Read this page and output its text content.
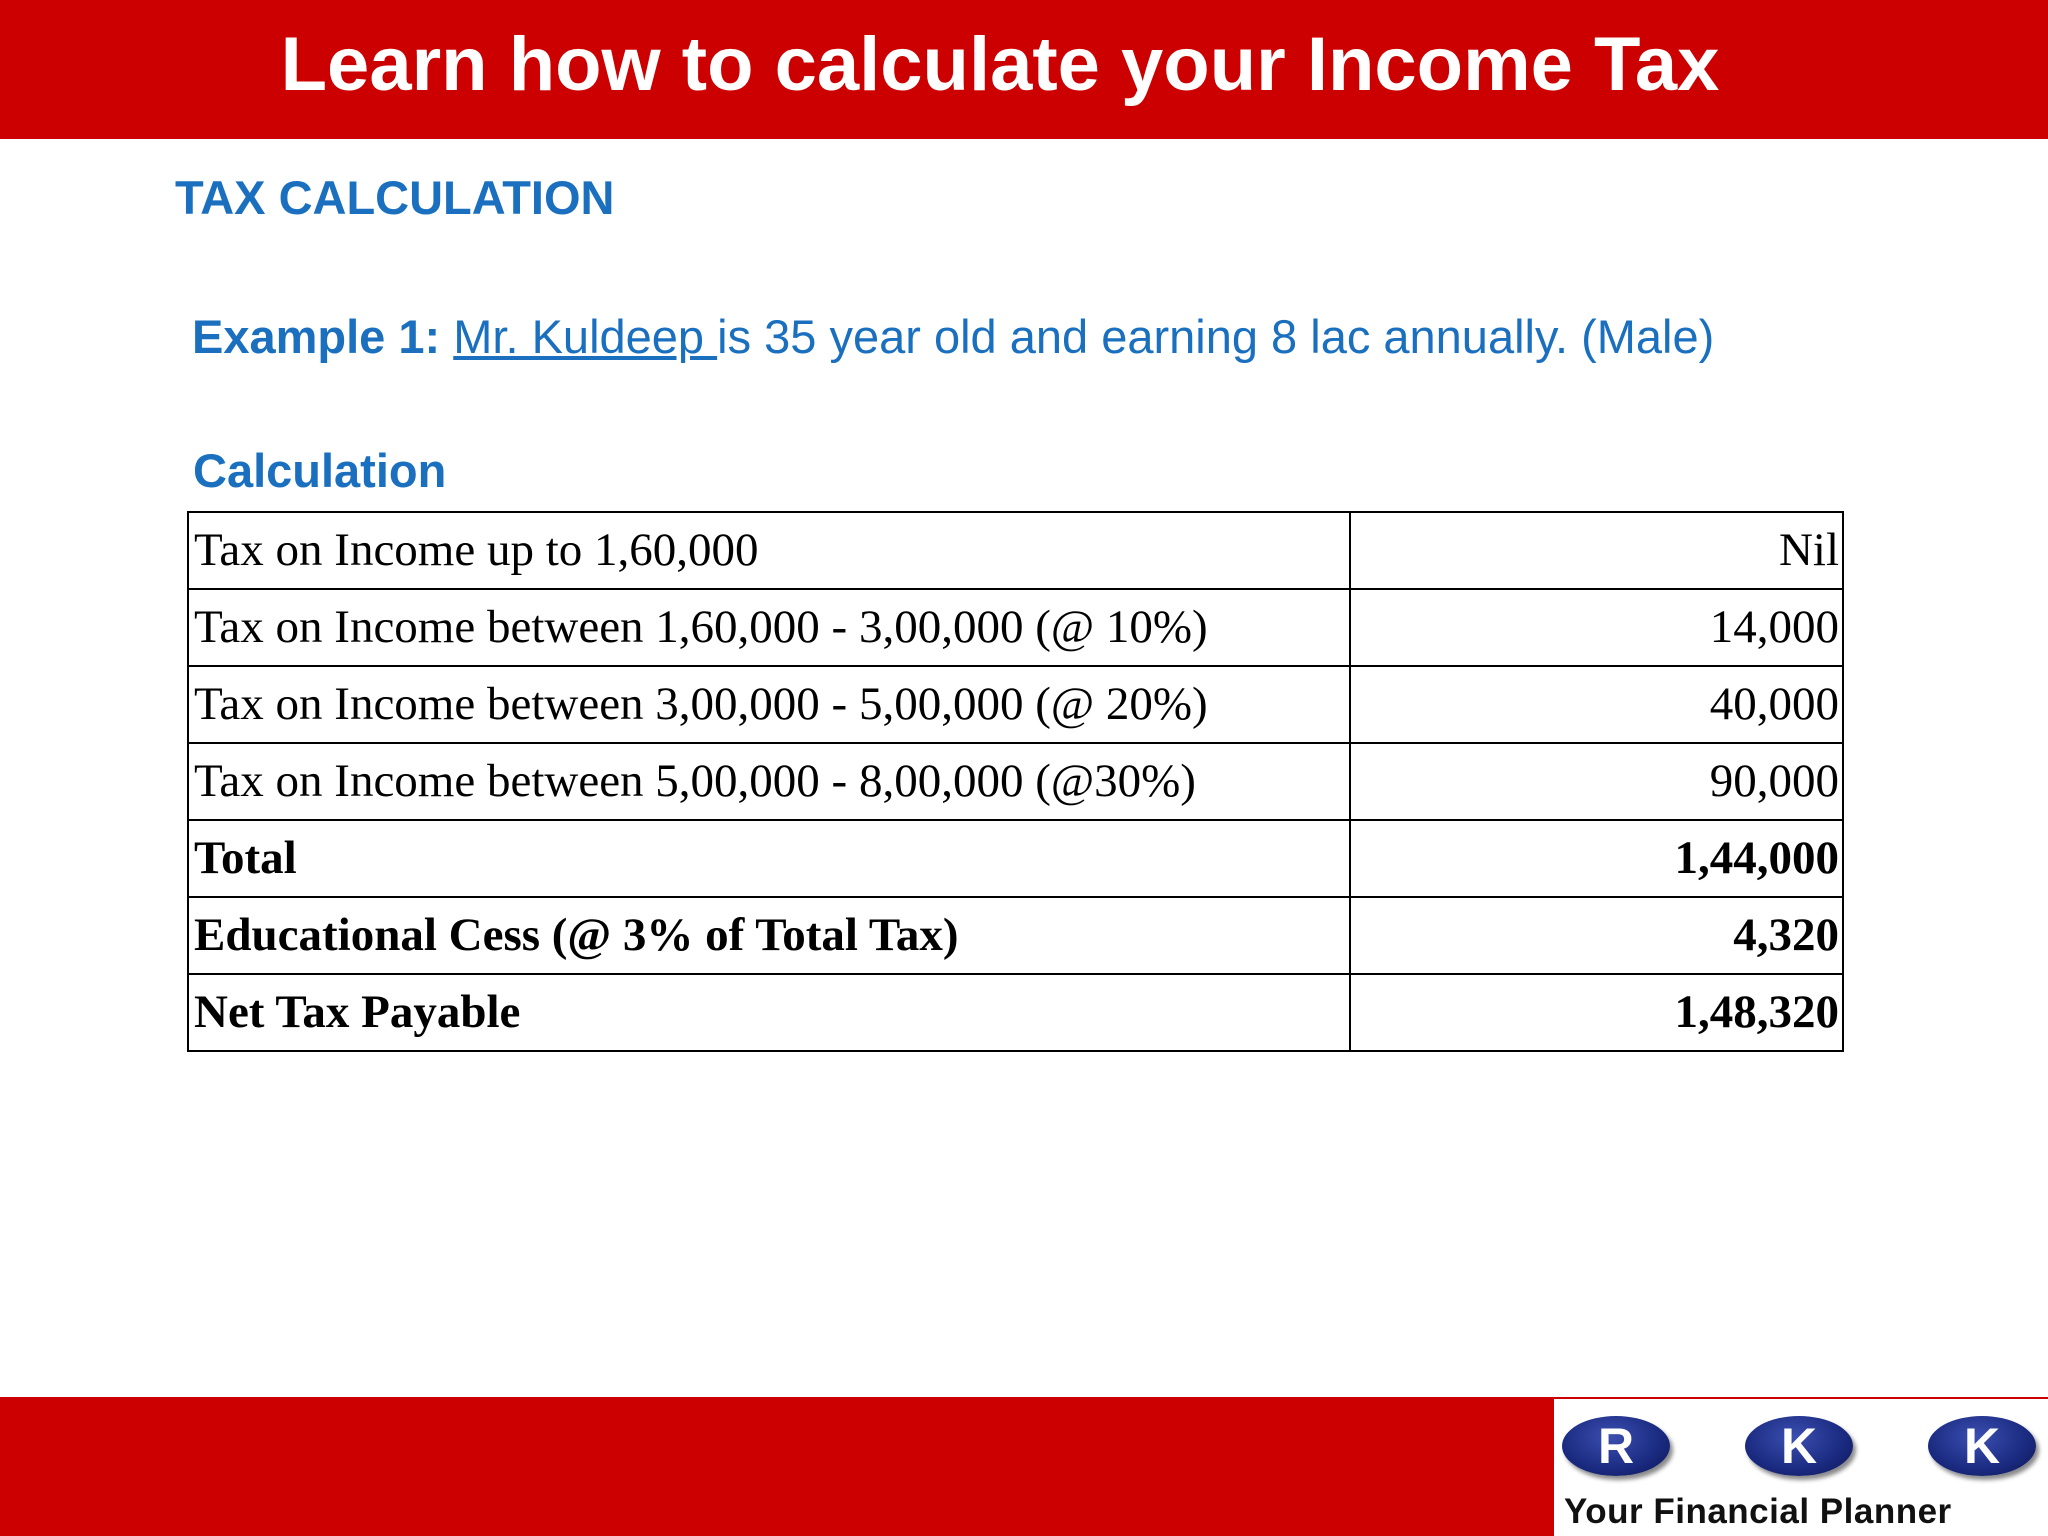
Learn how to calculate your Income Tax
TAX CALCULATION
Example 1: Mr. Kuldeep is 35 year old and earning 8 lac annually. (Male)
Calculation
Tax on Income up to 1,60,000	Nil
Tax on Income between 1,60,000 - 3,00,000 (@ 10%)	14,000
Tax on Income between 3,00,000 - 5,00,000 (@ 20%)	40,000
Tax on Income between 5,00,000 - 8,00,000 (@30%)	90,000
Total	1,44,000
Educational Cess (@ 3% of Total Tax)	4,320
Net Tax Payable	1,48,320
R	K	K
Your Financial Planner
